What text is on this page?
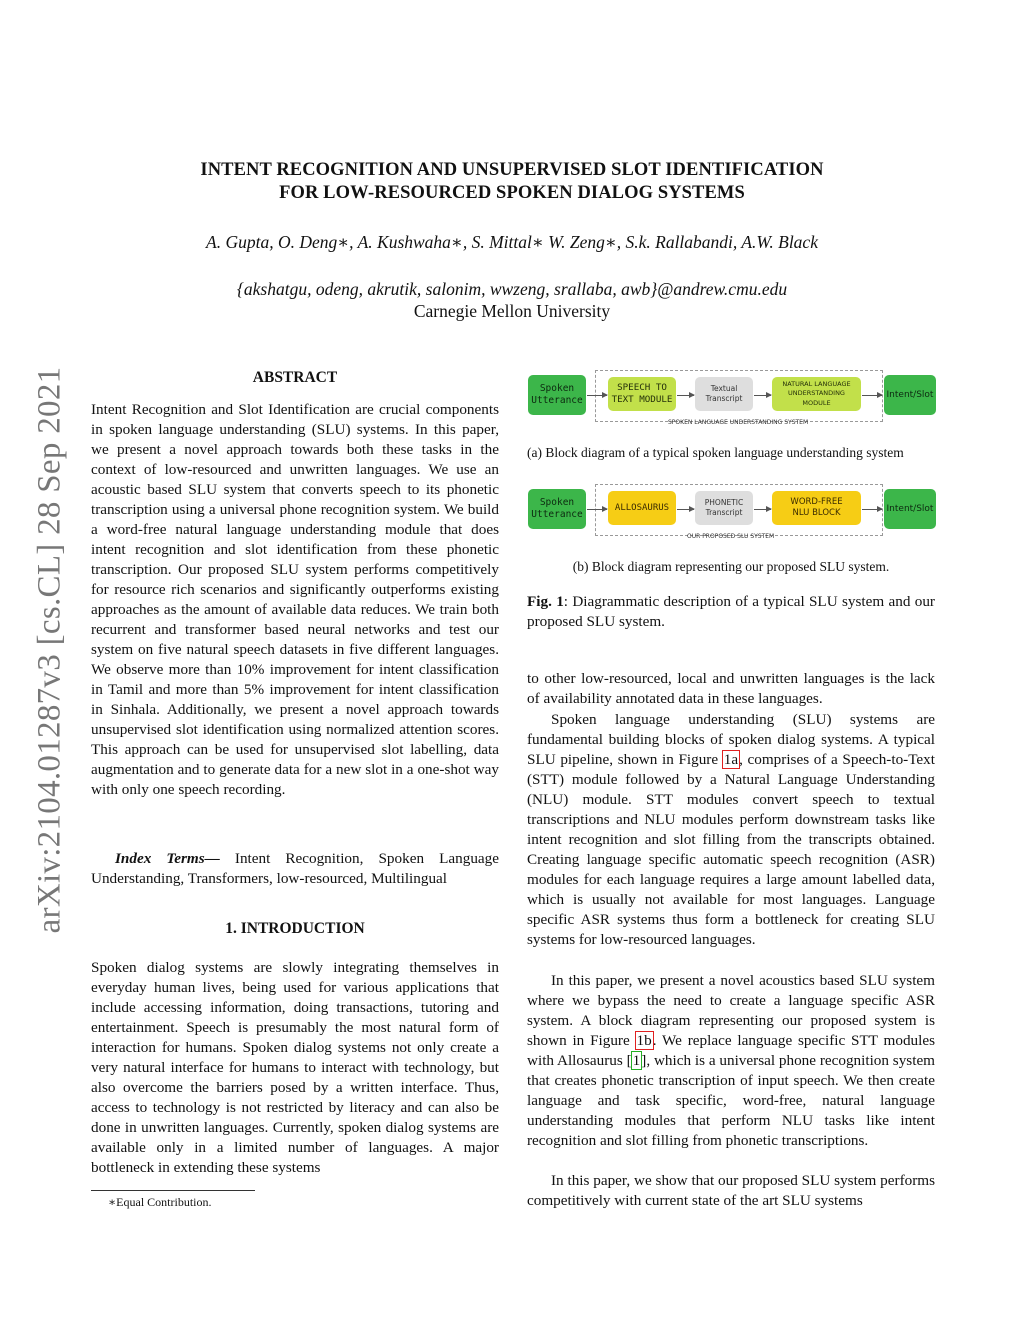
INTENT RECOGNITION AND UNSUPERVISED SLOT IDENTIFICATION
FOR LOW-RESOURCED SPOKEN DIALOG SYSTEMS
A. Gupta, O. Deng∗, A. Kushwaha∗, S. Mittal∗ W. Zeng∗, S.k. Rallabandi, A.W. Black
{akshatgu, odeng, akrutik, salonim, wwzeng, srallaba, awb}@andrew.cmu.edu
Carnegie Mellon University
arXiv:2104.01287v3 [cs.CL] 28 Sep 2021	ABSTRACT
Intent Recognition and Slot Identification are crucial components in spoken language understanding (SLU) systems. In this paper, we present a novel approach towards both these tasks in the context of low-resourced and unwritten languages. We use an acoustic based SLU system that converts speech to its phonetic transcription using a universal phone recognition system. We build a word-free natural language understanding module that does intent recognition and slot identification from these phonetic transcription. Our proposed SLU system performs competitively for resource rich scenarios and significantly outperforms existing approaches as the amount of available data reduces. We train both recurrent and transformer based neural networks and test our system on five natural speech datasets in five different languages. We observe more than 10% improvement for intent classification in Tamil and more than 5% improvement for intent classification in Sinhala. Additionally, we present a novel approach towards unsupervised slot identification using normalized attention scores. This approach can be used for unsupervised slot labelling, data augmentation and to generate data for a new slot in a one-shot way with only one speech recording.
Index Terms— Intent Recognition, Spoken Language Understanding, Transformers, low-resourced, Multilingual
1. INTRODUCTION
Spoken dialog systems are slowly integrating themselves in everyday human lives, being used for various applications that include accessing information, doing transactions, tutoring and entertainment. Speech is presumably the most natural form of interaction for humans. Spoken dialog systems not only create a very natural interface for humans to interact with technology, but also overcome the barriers posed by a written interface. Thus, access to technology is not restricted by literacy and can also be done in unwritten languages. Currently, spoken dialog systems are available only in a limited number of languages. A major bottleneck in extending these systems
∗Equal Contribution.
Spoken Utterance
SPEECH TO TEXT MODULE
Textual Transcript
NATURAL LANGUAGE UNDERSTANDING MODULE
Intent/Slot
SPOKEN LANGUAGE UNDERSTANDING SYSTEM
(a) Block diagram of a typical spoken language understanding system
Spoken Utterance
ALLOSAURUS
PHONETIC Transcript
WORD-FREE NLU BLOCK	Intent/Slot
OUR PROPOSED SLU SYSTEM
(b) Block diagram representing our proposed SLU system.
Fig. 1: Diagrammatic description of a typical SLU system and our proposed SLU system.
to other low-resourced, local and unwritten languages is the lack of availability annotated data in these languages.
Spoken language understanding (SLU) systems are fundamental building blocks of spoken dialog systems. A typical SLU pipeline, shown in Figure 1a, comprises of a Speech-to-Text (STT) module followed by a Natural Language Understanding (NLU) module. STT modules convert speech to textual transcriptions and NLU modules perform downstream tasks like intent recognition and slot filling from the transcripts obtained. Creating language specific automatic speech recognition (ASR) modules for each language requires a large amount labelled data, which is usually not available for most languages. Language specific ASR systems thus form a bottleneck for creating SLU systems for low-resourced languages.
In this paper, we present a novel acoustics based SLU system where we bypass the need to create a language specific ASR system. A block diagram representing our proposed system is shown in Figure 1b. We replace language specific STT modules with Allosaurus [1], which is a universal phone recognition system that creates phonetic transcription of input speech. We then create language and task specific, word-free, natural language understanding modules that perform NLU tasks like intent recognition and slot filling from phonetic transcriptions.
In this paper, we show that our proposed SLU system performs competitively with current state of the art SLU systems
